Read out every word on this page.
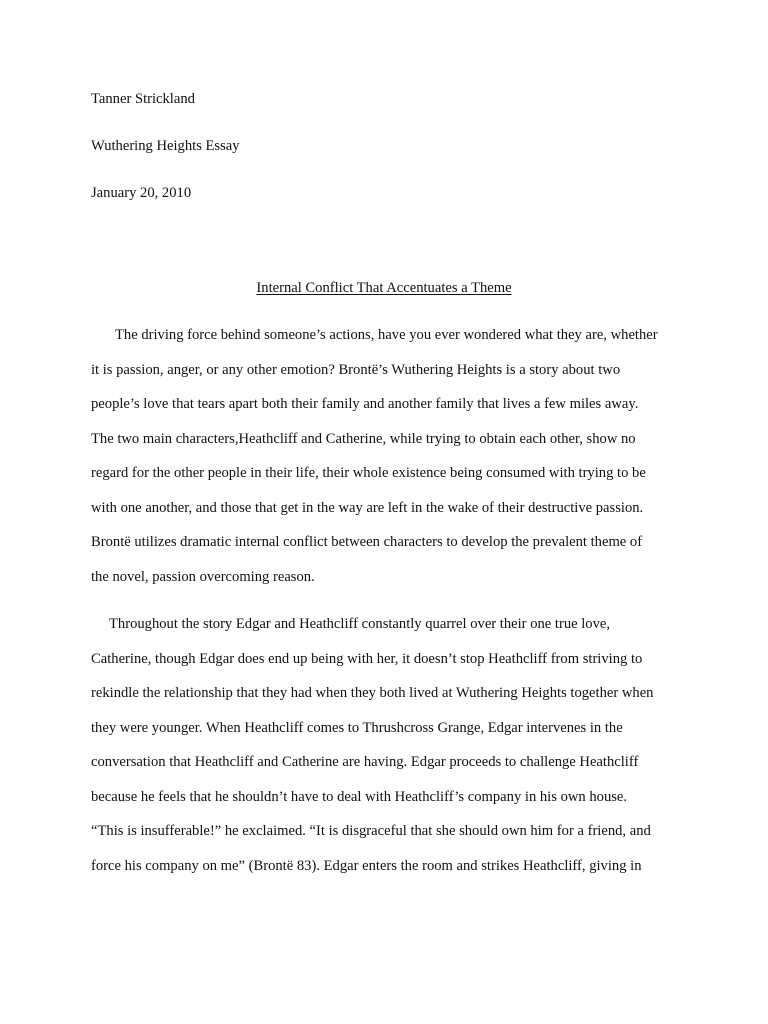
Tanner Strickland
Wuthering Heights Essay
January 20, 2010
Internal Conflict That Accentuates a Theme
The driving force behind someone’s actions, have you ever wondered what they are, whether
it is passion, anger, or any other emotion? Brontë’s Wuthering Heights is a story about two
people’s love that tears apart both their family and another family that lives a few miles away.
The two main characters,Heathcliff and Catherine, while trying to obtain each other, show no
regard for the other people in their life, their whole existence being consumed with trying to be
with one another, and those that get in the way are left in the wake of their destructive passion.
Brontë utilizes dramatic internal conflict between characters to develop the prevalent theme of
the novel, passion overcoming reason.
Throughout the story Edgar and Heathcliff constantly quarrel over their one true love,
Catherine, though Edgar does end up being with her, it doesn’t stop Heathcliff from striving to
rekindle the relationship that they had when they both lived at Wuthering Heights together when
they were younger. When Heathcliff comes to Thrushcross Grange, Edgar intervenes in the
conversation that Heathcliff and Catherine are having. Edgar proceeds to challenge Heathcliff
because he feels that he shouldn’t have to deal with Heathcliff’s company in his own house.
“This is insufferable!” he exclaimed. “It is disgraceful that she should own him for a friend, and
force his company on me” (Brontë 83). Edgar enters the room and strikes Heathcliff, giving in
